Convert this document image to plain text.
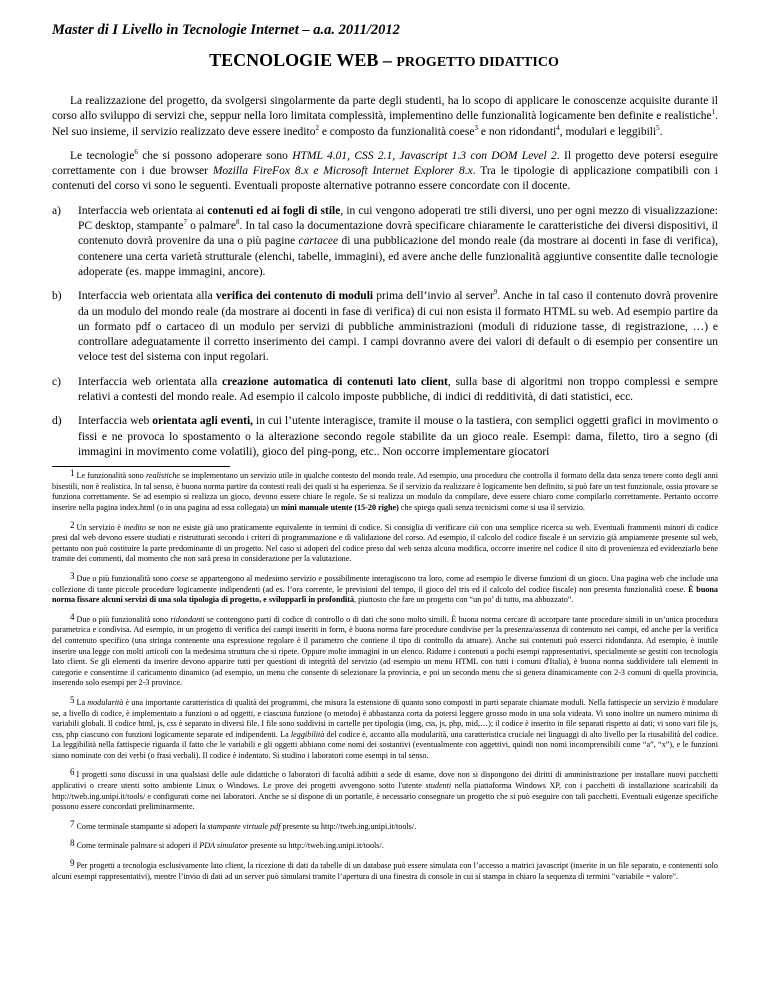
Master di I Livello in Tecnologie Internet – a.a. 2011/2012
TECNOLOGIE WEB – PROGETTO DIDATTICO

La realizzazione del progetto, da svolgersi singolarmente da parte degli studenti, ha lo scopo di applicare le conoscenze acquisite durante il corso allo sviluppo di servizi che, seppur nella loro limitata complessità, implementino delle funzionalità logicamente ben definite e realistiche$^1$. Nel suo insieme, il servizio realizzato deve essere inedito$^2$ e composto da funzionalità coese$^3$ e non ridondanti$^4$, modulari e leggibili$^5$.

Le tecnologie$^6$ che si possono adoperare sono HTML 4.01, CSS 2.1, Javascript 1.3 con DOM Level 2. Il progetto deve potersi eseguire correttamente con i due browser Mozilla FireFox 8.x e Microsoft Internet Explorer 8.x. Tra le tipologie di applicazione compatibili con i contenuti del corso vi sono le seguenti. Eventuali proposte alternative potranno essere concordate con il docente.

a)	Interfaccia web orientata ai contenuti ed ai fogli di stile, in cui vengono adoperati tre stili diversi, uno per ogni mezzo di visualizzazione: PC desktop, stampante$^7$ o palmare$^8$. In tal caso la documentazione dovrà specificare chiaramente le caratteristiche dei diversi dispositivi, il contenuto dovrà provenire da una o più pagine cartacee di una pubblicazione del mondo reale (da mostrare ai docenti in fase di verifica), contenere una certa varietà strutturale (elenchi, tabelle, immagini), ed avere anche delle funzionalità aggiuntive consentite dalle tecnologie adoperate (es. mappe immagini, ancore).
b)	Interfaccia web orientata alla verifica dei contenuto di moduli prima dell’invio al server$^9$. Anche in tal caso il contenuto dovrà provenire da un modulo del mondo reale (da mostrare ai docenti in fase di verifica) di cui non esista il formato HTML su web. Ad esempio partire da un formato pdf o cartaceo di un modulo per servizi di pubbliche amministrazioni (moduli di riduzione tasse, di registrazione, …) e controllare adeguatamente il corretto inserimento dei campi. I campi dovranno avere dei valori di default o di esempio per consentire un veloce test del sistema con input regolari.
c)	Interfaccia web orientata alla creazione automatica di contenuti lato client, sulla base di algoritmi non troppo complessi e sempre relativi a contesti del mondo reale. Ad esempio il calcolo imposte pubbliche, di indici di redditività, di dati statistici, ecc.
d)	Interfaccia web orientata agli eventi, in cui l’utente interagisce, tramite il mouse o la tastiera, con semplici oggetti grafici in movimento o fissi e ne provoca lo spostamento o la alterazione secondo regole stabilite da un gioco reale. Esempi: dama, filetto, tiro a segno (di immagini in movimento come volatili), gioco del ping-pong, etc.. Non occorre implementare giocatori

$^1$ Le funzionalità sono realistiche se implementano un servizio utile in qualche contesto del mondo reale. Ad esempio, una procedura che controlla il formato della data senza tenere conto degli anni bisestili, non è realistica. In tal senso, è buona norma partire da contesti reali dei quali si ha esperienza. Se il servizio da realizzare è logicamente ben definito, si può fare un test funzionale, ossia provare se funziona correttamente. Se ad esempio si realizza un gioco, devono essere chiare le regole. Se si realizza un modulo da compilare, deve essere chiaro come compilarlo correttamente. Pertanto occorre inserire nella pagina index.html (o in una pagina ad essa collegata) un mini manuale utente (15-20 righe) che spiega quali senza tecnicismi come si usa il servizio.

$^2$ Un servizio è inedito se non ne esiste già uno praticamente equivalente in termini di codice. Si consiglia di verificare ciò con una semplice ricerca su web. Eventuali frammenti minori di codice presi dal web devono essere studiati e ristrutturati secondo i criteri di programmazione e di validazione del corso. Ad esempio, il calcolo del codice fiscale è un servizio già ampiamente presente sul web, pertanto non può costituire la parte predominante di un progetto. Nel caso si adoperi del codice preso dal web senza alcuna modifica, occorre inserire nel codice il sito di provenienza ed evidenziarlo bene tramite dei commenti, dal momento che non sarà preso in considerazione per la valutazione.

$^3$ Due o più funzionalità sono coese se appartengono al medesimo servizio e possibilmente interagiscono tra loro, come ad esempio le diverse funzioni di un gioco. Una pagina web che include una collezione di tante piccole procedure logicamente indipendenti (ad es. l’ora corrente, le previsioni del tempo, il gioco del tris ed il calcolo del codice fiscale) non presenta funzionalità coese. È buona norma fissare alcuni servizi di una sola tipologia di progetto, e svilupparli in profondità, piuttosto che fare un progetto con “un po’ di tutto, ma abbozzato”.

$^4$ Due o più funzionalità sono ridondanti se contengono parti di codice di controllo o di dati che sono molto simili. È buona norma cercare di accorpare tante procedure simili in un’unica procedura parametrica e condivisa. Ad esempio, in un progetto di verifica dei campi inseriti in form, è buona norma fare procedure condivise per la presenza/assenza di contenuto nei campi, ed anche per la verifica del contenuto specifico (una stringa contenente una espressione regolare è il parametro che contiene il tipo di controllo da attuare). Anche sui contenuti può esserci ridondanza. Ad esempio, è inutile inserire una legge con molti articoli con la medesima struttura che si ripete. Oppure molte immagini in un elenco. Ridurre i contenuti a pochi esempi rappresentativi, specialmente se gestiti con tecnologia lato client. Se gli elementi da inserire devono apparire tutti per questioni di integrità del servizio (ad esempio un menu HTML con tutti i comuni d'Italia), è buona norma suddividere tali elementi in categorie e consentirne il caricamento dinamico (ad esempio, un menu che consente di selezionare la provincia, e poi un secondo menu che si genera dinamicamente con 2-3 comuni di quella provincia, inserendo solo esempi per 2-3 province.

$^5$ La modularità è una importante caratteristica di qualità dei programmi, che misura la estensione di quanto sono composti in parti separate chiamate moduli. Nella fattispecie un servizio è modulare se, a livello di codice, è implementato a funzioni o ad oggetti, e ciascuna funzione (o metodo) è abbastanza corta da potersi leggere grosso modo in una sola videata. Vi sono inoltre un numero minimo di variabili globali. Il codice html, js, css è separato in diversi file. I file sono suddivisi in cartelle per tipologia (img, css, js, php, mid,…); il codice è inserito in file separati rispetto ai dati; vi sono vari file js, css, php ciascuno con funzioni logicamente separate ed indipendenti. La leggibilità del codice è, accanto alla modularità, una caratteristica cruciale nei linguaggi di alto livello per la riusabilità del codice. La leggibilità nella fattispecie riguarda il fatto che le variabili e gli oggetti abbiano come nomi dei sostantivi (eventualmente con aggettivi, quindi non nomi incomprensibili come “a”, “x”), e le funzioni siano nominate con dei verbi (o frasi verbali). Il codice è indentato. Si studino i laboratori come esempi in tal senso.

$^6$ I progetti sono discussi in una qualsiasi delle aule didattiche o laboratori di facoltà adibiti a sede di esame, dove non si dispongono dei diritti di amministrazione per installare nuovi pacchetti applicativi o creare utenti sotto ambiente Linux o Windows. Le prove dei progetti avvengono sotto l'utente studenti nella piattaforma Windows XP, con i pacchetti di installazione scaricabili da http://tweb.ing.unipi.it/tools/ e configurati come nei laboratori. Anche se si dispone di un portatile, è necessario consegnare un progetto che si può eseguire con tali pacchetti. Eventuali esigenze specifiche possono essere concordati preliminarmente.

$^7$ Come terminale stampante si adoperi la stampante virtuale pdf presente su http://tweb.ing.unipi.it/tools/.

$^8$ Come terminale palmare si adoperi il PDA simulator presente su http://tweb.ing.unipi.it/tools/.

$^9$ Per progetti a tecnologia esclusivamente lato client, la ricezione di dati da tabelle di un database può essere simulata con l’accesso a matrici javascript (inserite in un file separato, e contenenti solo alcuni esempi rappresentativi), mentre l’invio di dati ad un server può simularsi tramite l’apertura di una finestra di console in cui si stampa in chiaro la sequenza di termini "variabile = valore".
